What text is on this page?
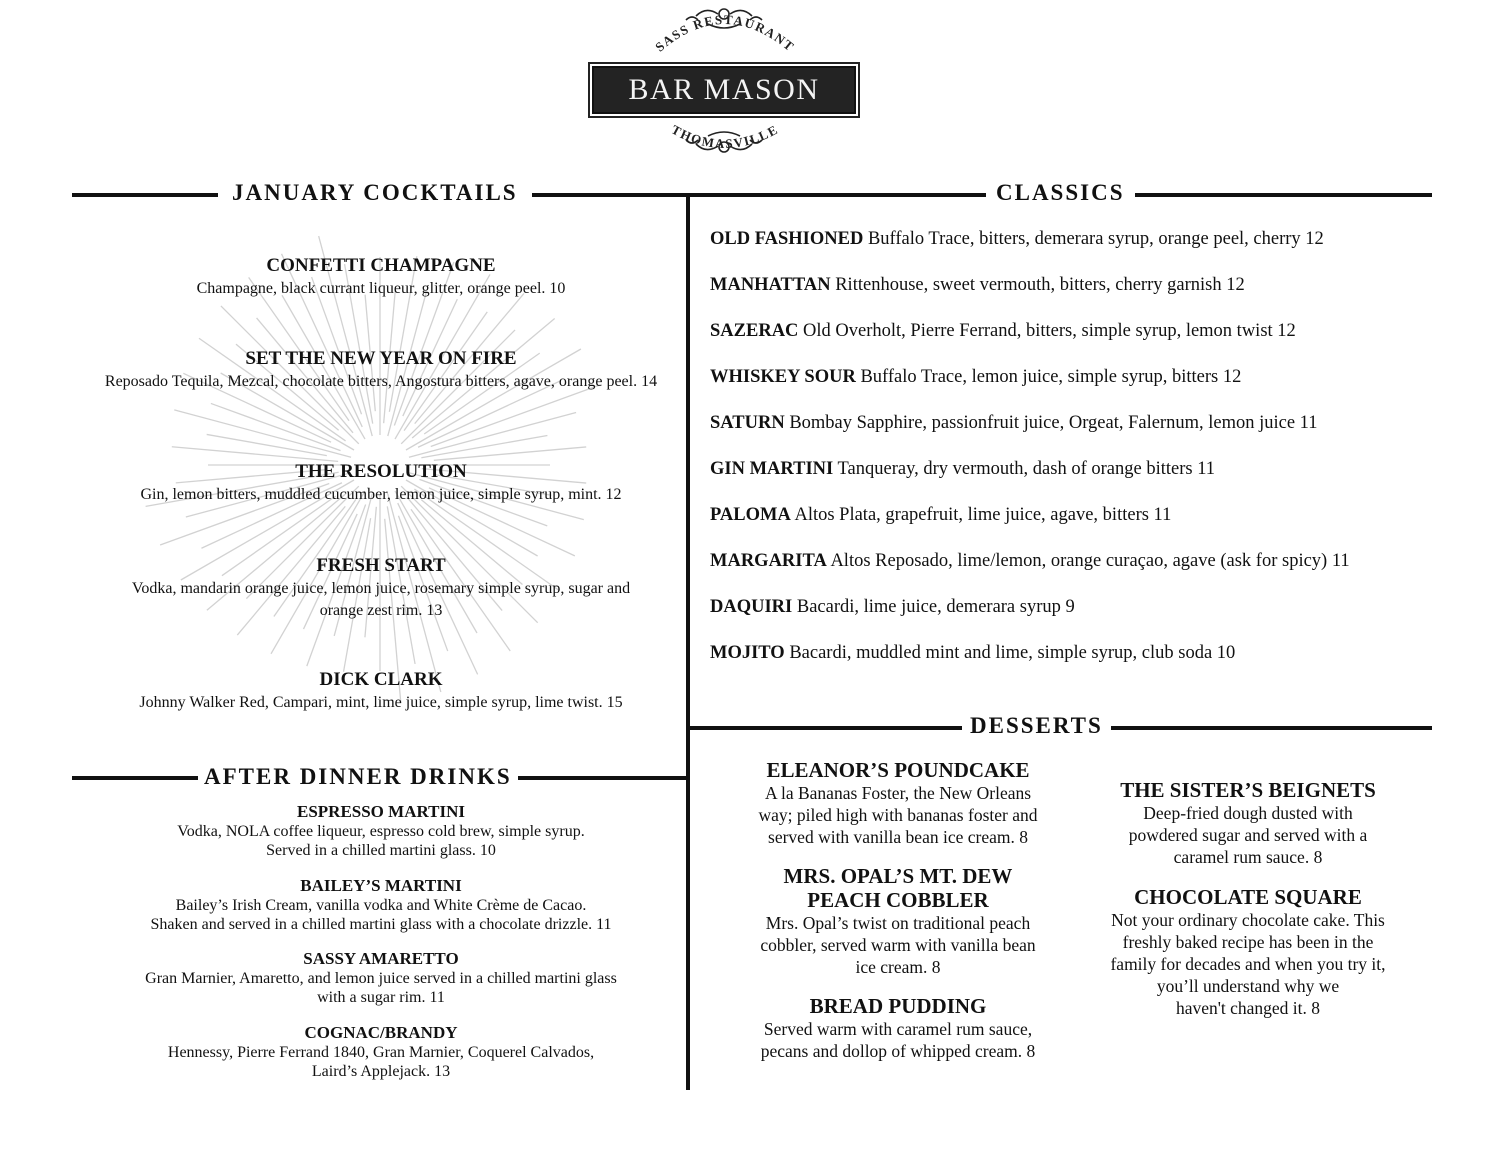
SASS RESTAURANT
THOMASVILLE
BAR MASON
JANUARY COCKTAILS	CLASSICS
DESSERTS
AFTER DINNER DRINKS
CONFETTI CHAMPAGNE
Champagne, black currant liqueur, glitter, orange peel. 10
SET THE NEW YEAR ON FIRE
Reposado Tequila, Mezcal, chocolate bitters, Angostura bitters, agave, orange peel. 14
THE RESOLUTION
Gin, lemon bitters, muddled cucumber, lemon juice, simple syrup, mint. 12
FRESH START
Vodka, mandarin orange juice, lemon juice, rosemary simple syrup, sugar and orange zest rim. 13
DICK CLARK
Johnny Walker Red, Campari, mint, lime juice, simple syrup, lime twist. 15
ESPRESSO MARTINI
Vodka, NOLA coffee liqueur, espresso cold brew, simple syrup.
Served in a chilled martini glass. 10
BAILEY’S MARTINI
Bailey’s Irish Cream, vanilla vodka and White Crème de Cacao.
Shaken and served in a chilled martini glass with a chocolate drizzle. 11
SASSY AMARETTO
Gran Marnier, Amaretto, and lemon juice served in a chilled martini glass
with a sugar rim. 11
COGNAC/BRANDY
Hennessy, Pierre Ferrand 1840, Gran Marnier, Coquerel Calvados,
Laird’s Applejack. 13
OLD FASHIONED Buffalo Trace, bitters, demerara syrup, orange peel, cherry 12
MANHATTAN Rittenhouse, sweet vermouth, bitters, cherry garnish 12
SAZERAC Old Overholt, Pierre Ferrand, bitters, simple syrup, lemon twist 12
WHISKEY SOUR Buffalo Trace, lemon juice, simple syrup, bitters 12
SATURN Bombay Sapphire, passionfruit juice, Orgeat, Falernum, lemon juice 11
GIN MARTINI Tanqueray, dry vermouth, dash of orange bitters 11
PALOMA Altos Plata, grapefruit, lime juice, agave, bitters 11
MARGARITA Altos Reposado, lime/lemon, orange curaçao, agave (ask for spicy) 11
DAQUIRI Bacardi, lime juice, demerara syrup 9
MOJITO Bacardi, muddled mint and lime, simple syrup, club soda 10
ELEANOR’S POUNDCAKE
A la Bananas Foster, the New Orleans
way; piled high with bananas foster and
served with vanilla bean ice cream. 8
MRS. OPAL’S MT. DEW
PEACH COBBLER
Mrs. Opal’s twist on traditional peach
cobbler, served warm with vanilla bean
ice cream. 8
BREAD PUDDING
Served warm with caramel rum sauce,
pecans and dollop of whipped cream. 8
THE SISTER’S BEIGNETS
Deep-fried dough dusted with
powdered sugar and served with a
caramel rum sauce. 8
CHOCOLATE SQUARE
Not your ordinary chocolate cake. This
freshly baked recipe has been in the
family for decades and when you try it,
you’ll understand why we
haven't changed it. 8
